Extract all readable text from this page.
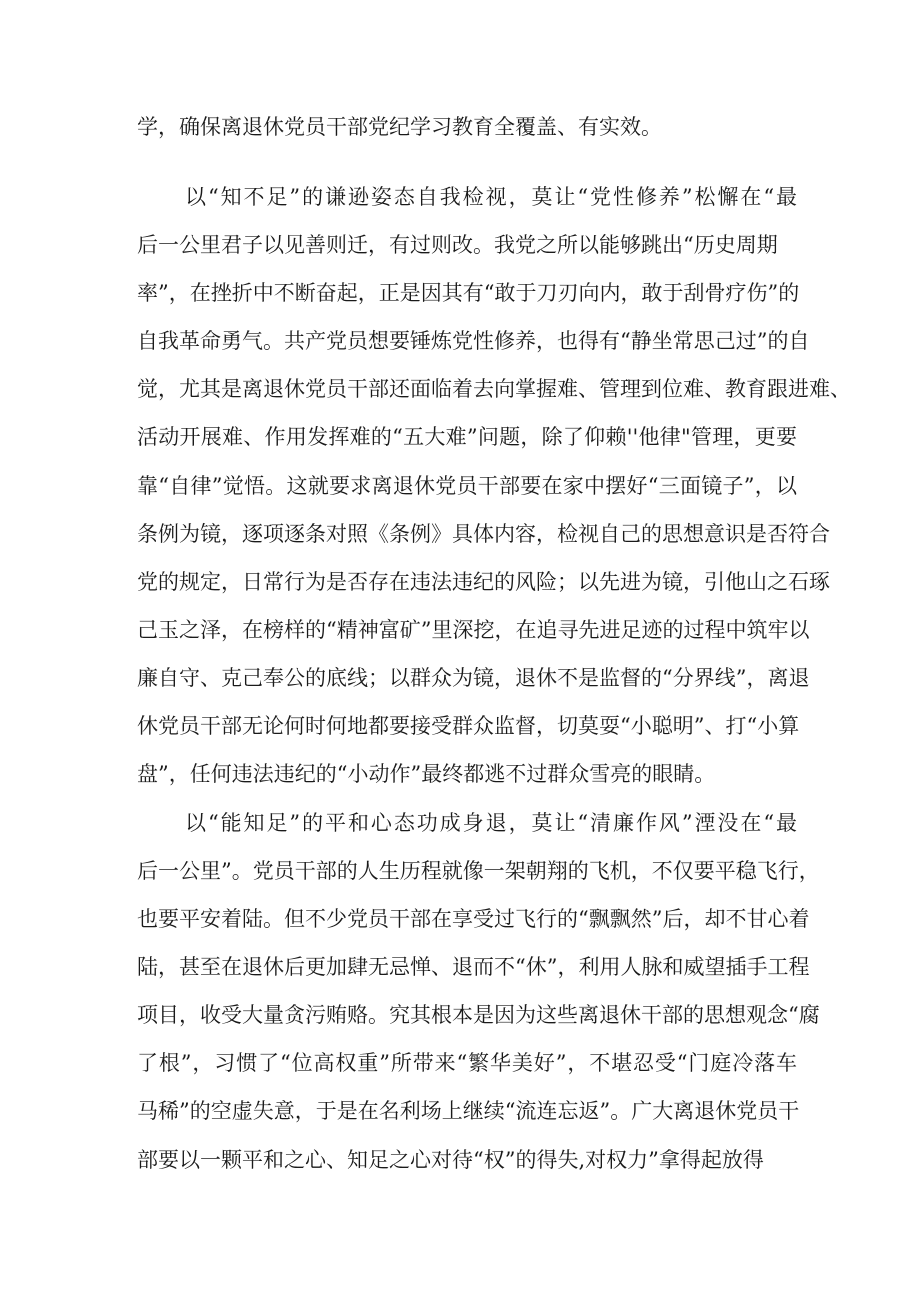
学，确保离退休党员干部党纪学习教育全覆盖、有实效。
以“知不足”的谦逊姿态自我检视，莫让“党性修养”松懈在“最
后一公里君子以见善则迁，有过则改。我党之所以能够跳出“历史周期
率”，在挫折中不断奋起，正是因其有“敢于刀刃向内，敢于刮骨疗伤”的
自我革命勇气。共产党员想要锤炼党性修养，也得有“静坐常思己过”的自
觉，尤其是离退休党员干部还面临着去向掌握难、管理到位难、教育跟进难、
活动开展难、作用发挥难的“五大难”问题，除了仰赖''他律"管理，更要
靠“自律”觉悟。这就要求离退休党员干部要在家中摆好“三面镜子”，以
条例为镜，逐项逐条对照《条例》具体内容，检视自己的思想意识是否符合
党的规定，日常行为是否存在违法违纪的风险；以先进为镜，引他山之石琢
己玉之泽，在榜样的“精神富矿”里深挖，在追寻先进足迹的过程中筑牢以
廉自守、克己奉公的底线；以群众为镜，退休不是监督的“分界线”，离退
休党员干部无论何时何地都要接受群众监督，切莫耍“小聪明”、打“小算
盘”，任何违法违纪的“小动作”最终都逃不过群众雪亮的眼睛。
以“能知足”的平和心态功成身退，莫让“清廉作风”湮没在“最
后一公里”。党员干部的人生历程就像一架朝翔的飞机，不仅要平稳飞行，
也要平安着陆。但不少党员干部在享受过飞行的“飘飘然”后，却不甘心着
陆，甚至在退休后更加肆无忌惮、退而不“休”，利用人脉和威望插手工程
项目，收受大量贪污贿赂。究其根本是因为这些离退休干部的思想观念“腐
了根”，习惯了“位高权重”所带来“繁华美好”，不堪忍受“门庭冷落车
马稀”的空虚失意，于是在名利场上继续“流连忘返”。广大离退休党员干
部要以一颗平和之心、知足之心对待“权”的得失,对权力”拿得起放得
